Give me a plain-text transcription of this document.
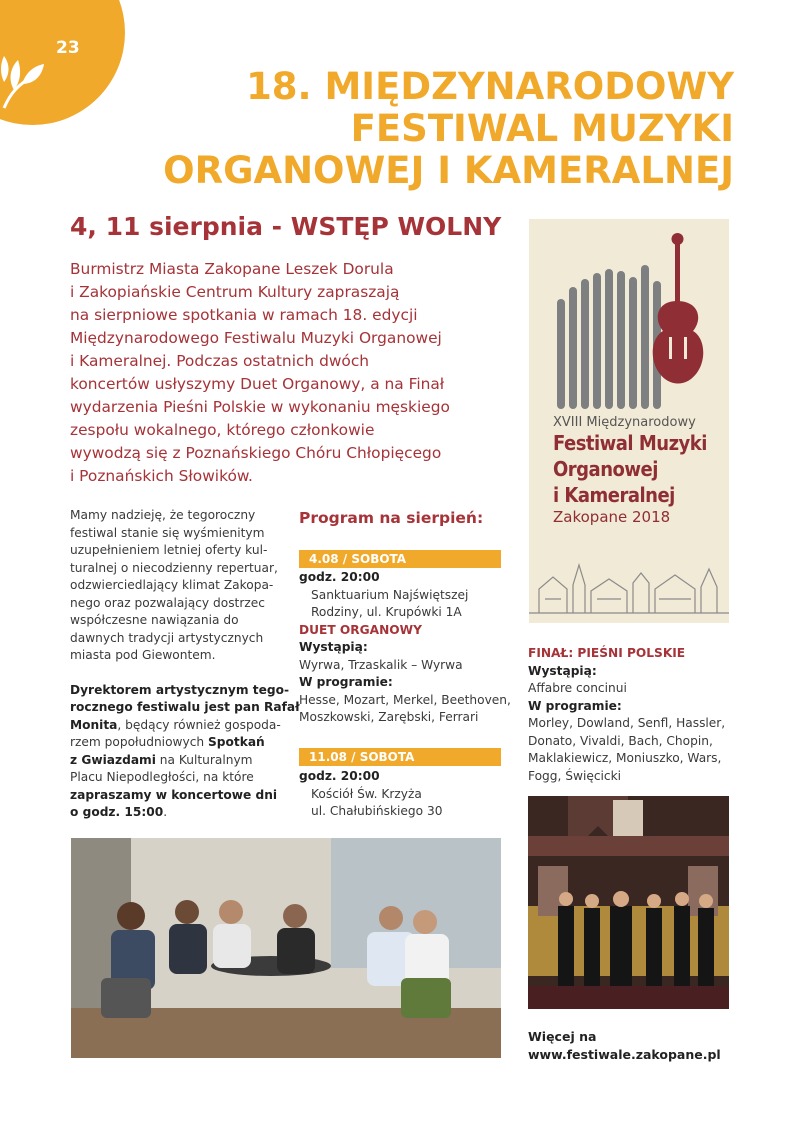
23
18. MIĘDZYNARODOWY
FESTIWAL MUZYKI
ORGANOWEJ I KAMERALNEJ
4, 11 sierpnia - WSTĘP WOLNY
Burmistrz Miasta Zakopane Leszek Dorula
i Zakopiańskie Centrum Kultury zapraszają
na sierpniowe spotkania w ramach 18. edycji
Międzynarodowego Festiwalu Muzyki Organowej
i Kameralnej. Podczas ostatnich dwóch
koncertów usłyszymy Duet Organowy, a na Finał
wydarzenia Pieśni Polskie w wykonaniu męskiego
zespołu wokalnego, którego członkowie
wywodzą się z Poznańskiego Chóru Chłopięcego
i Poznańskich Słowików.

Mamy nadzieję, że tegoroczny
festiwal stanie się wyśmienitym
uzupełnieniem letniej oferty kul-
turalnej o niecodzienny repertuar,
odzwierciedlający klimat Zakopa-
nego oraz pozwalający dostrzec
współczesne nawiązania do
dawnych tradycji artystycznych
miasta pod Giewontem.

Dyrektorem artystycznym tego-
rocznego festiwalu jest pan Rafał
Monita, będący również gospoda-
rzem popołudniowych Spotkań
z Gwiazdami na Kulturalnym
Placu Niepodległości, na które
zapraszamy w koncertowe dni
o godz. 15:00.

Program na sierpień:
4.08 / SOBOTA
godz. 20:00
Sanktuarium Najświętszej
Rodziny, ul. Krupówki 1A
DUET ORGANOWY
Wystąpią:
Wyrwa, Trzaskalik – Wyrwa
W programie:
Hesse, Mozart, Merkel, Beethoven,
Moszkowski, Zarębski, Ferrari
11.08 / SOBOTA
godz. 20:00
Kościół Św. Krzyża
ul. Chałubińskiego 30
XVIII Międzynarodowy
Festiwal Muzyki
Organowej
i Kameralnej
Zakopane 2018
FINAŁ: PIEŚNI POLSKIE
Wystąpią:
Affabre concinui
W programie:
Morley, Dowland, Senfl, Hassler,
Donato, Vivaldi, Bach, Chopin,
Maklakiewicz, Moniuszko, Wars,
Fogg, Święcicki
Więcej na
www.festiwale.zakopane.pl
